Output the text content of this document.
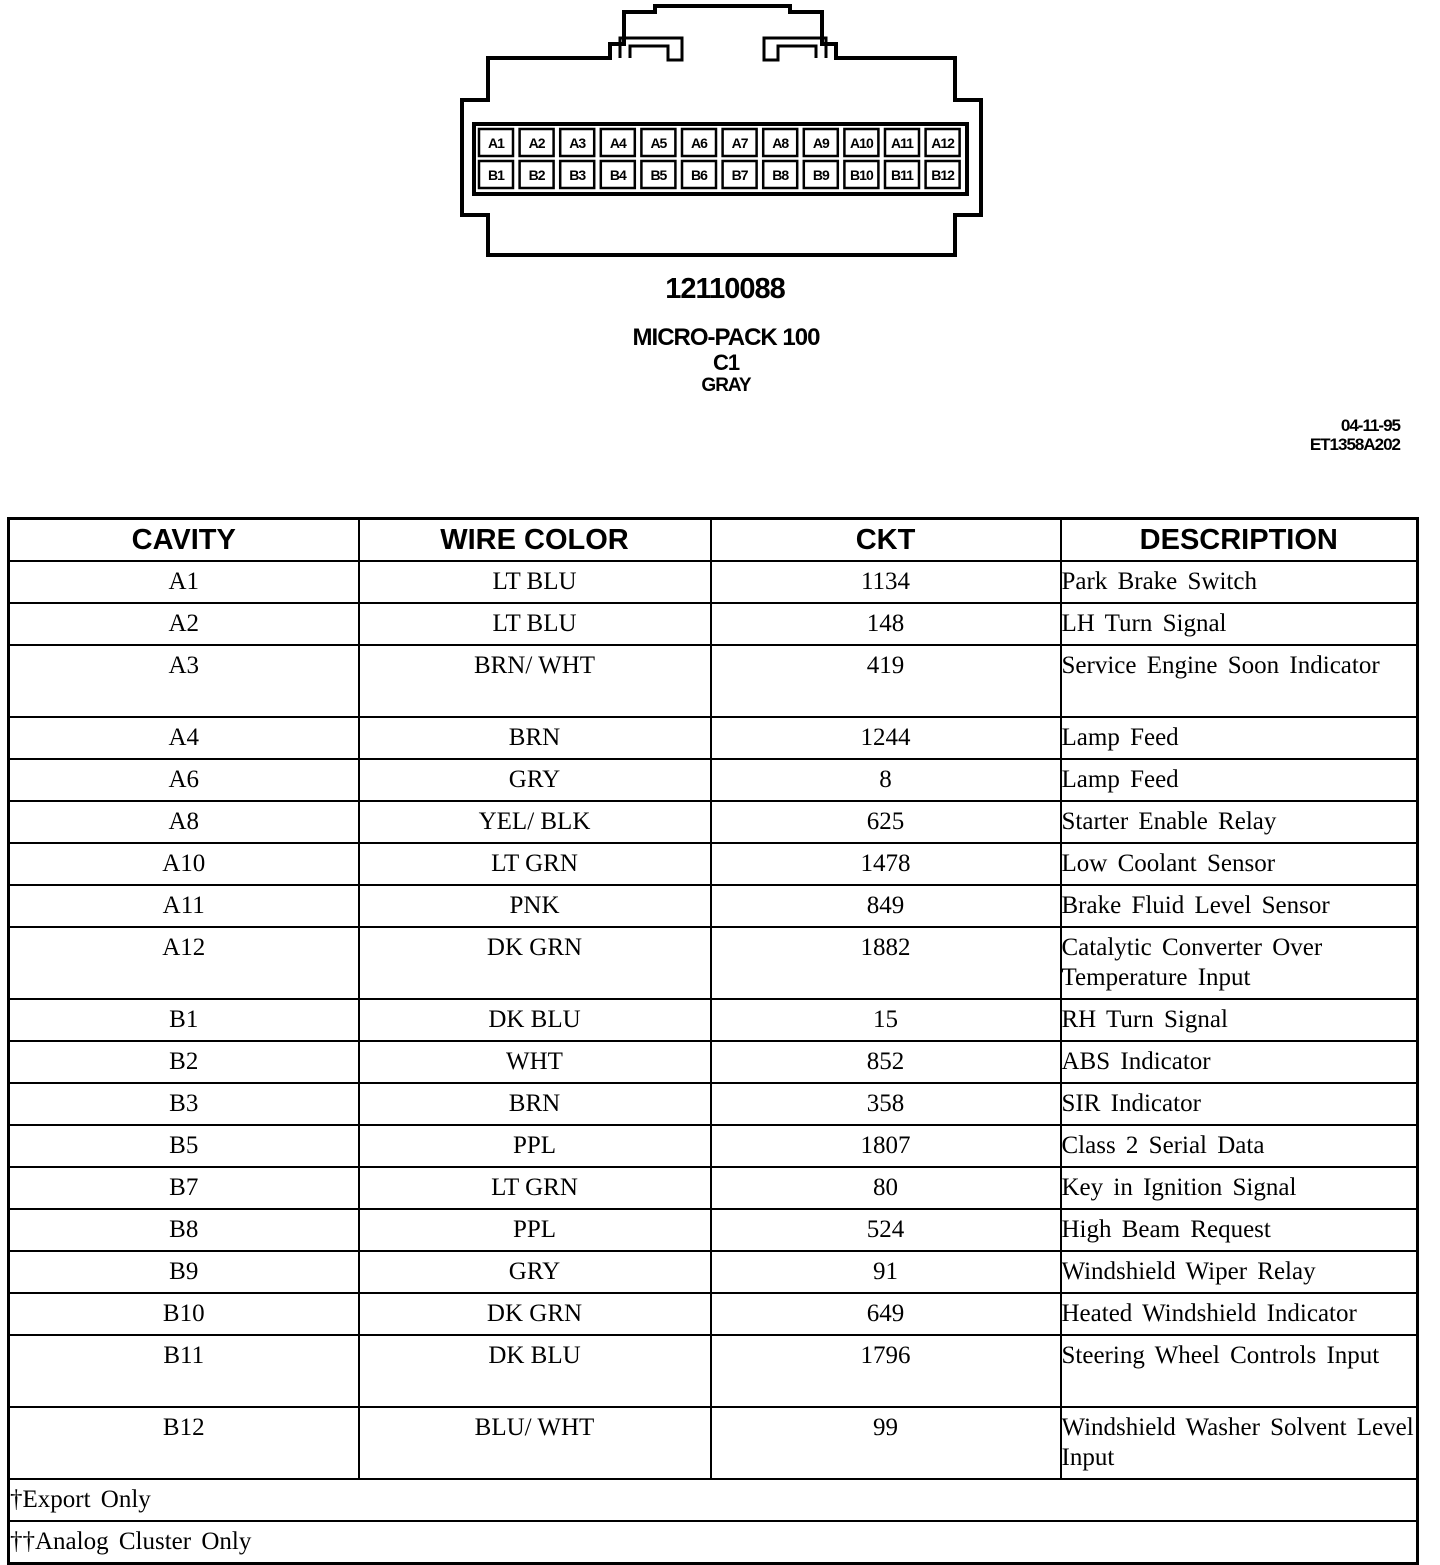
A1 A2 A3 A4 A5 A6 A7 A8 A9 A10 A11 A12
B1 B2 B3 B4 B5 B6 B7 B8 B9 B10 B11 B12
12110088
MICRO-PACK 100
C1
GRAY
04-11-95
ET1358A202
CAVITY	WIRE COLOR	CKT	DESCRIPTION
A1	LT BLU	1134	Park Brake Switch
A2	LT BLU	148	LH Turn Signal
A3	BRN/ WHT	419	Service Engine Soon Indicator
A4	BRN	1244	Lamp Feed
A6	GRY	8	Lamp Feed
A8	YEL/ BLK	625	Starter Enable Relay
A10	LT GRN	1478	Low Coolant Sensor
A11	PNK	849	Brake Fluid Level Sensor
A12	DK GRN	1882	Catalytic Converter Over Temperature Input
B1	DK BLU	15	RH Turn Signal
B2	WHT	852	ABS Indicator
B3	BRN	358	SIR Indicator
B5	PPL	1807	Class 2 Serial Data
B7	LT GRN	80	Key in Ignition Signal
B8	PPL	524	High Beam Request
B9	GRY	91	Windshield Wiper Relay
B10	DK GRN	649	Heated Windshield Indicator
B11	DK BLU	1796	Steering Wheel Controls Input
B12	BLU/ WHT	99	Windshield Washer Solvent Level Input
†Export Only			
††Analog Cluster Only			
